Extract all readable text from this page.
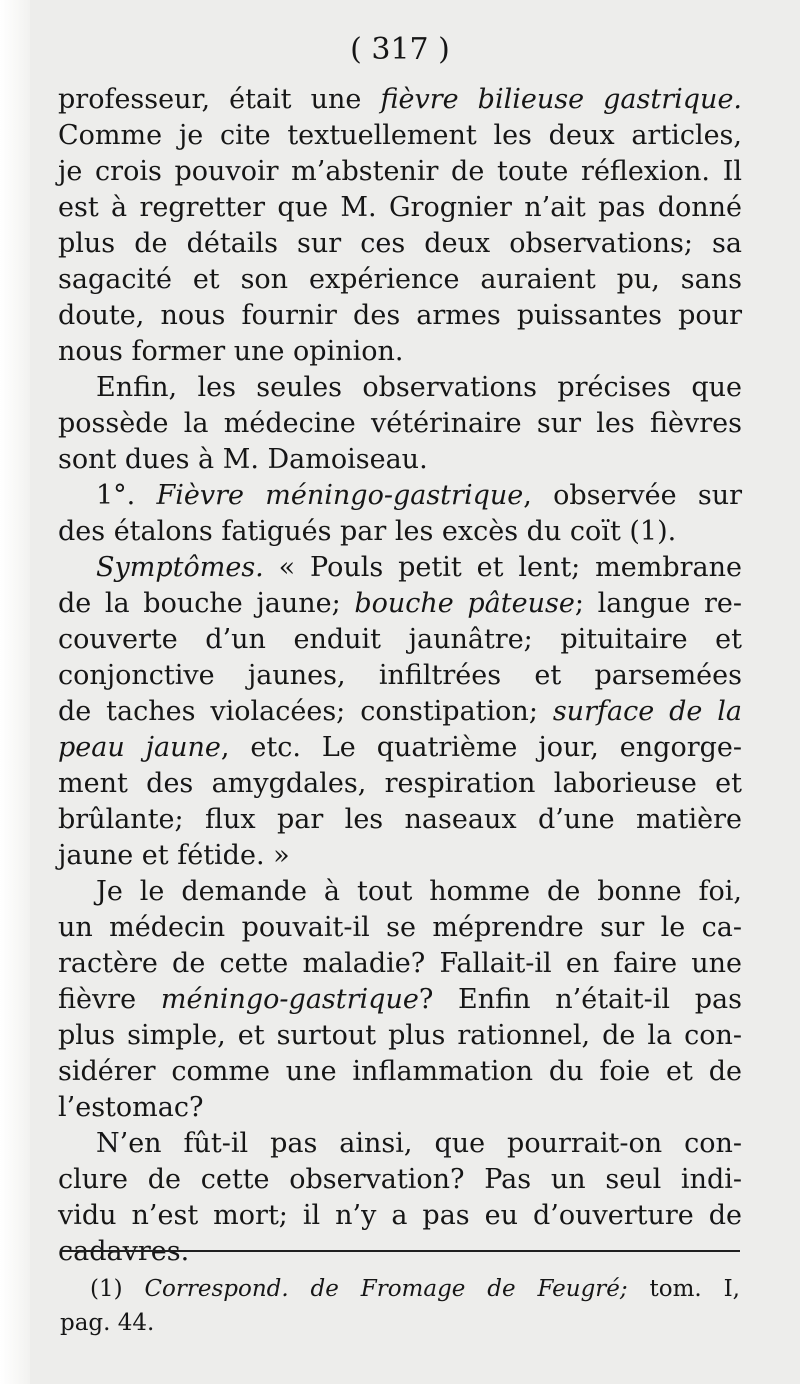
( 317 )
professeur, était une fièvre bilieuse gastrique.
Comme je cite textuellement les deux articles,
je crois pouvoir m’abstenir de toute réflexion. Il
est à regretter que M. Grognier n’ait pas donné
plus de détails sur ces deux observations; sa
sagacité et son expérience auraient pu, sans
doute, nous fournir des armes puissantes pour
nous former une opinion.
Enfin, les seules observations précises que
possède la médecine vétérinaire sur les fièvres
sont dues à M. Damoiseau.
1°. Fièvre méningo-gastrique, observée sur
des étalons fatigués par les excès du coït (1).
Symptômes. « Pouls petit et lent; membrane
de la bouche jaune; bouche pâteuse; langue re-
couverte d’un enduit jaunâtre; pituitaire et
conjonctive jaunes, infiltrées et parsemées
de taches violacées; constipation; surface de la
peau jaune, etc. Le quatrième jour, engorge-
ment des amygdales, respiration laborieuse et
brûlante; flux par les naseaux d’une matière
jaune et fétide. »
Je le demande à tout homme de bonne foi,
un médecin pouvait-il se méprendre sur le ca-
ractère de cette maladie? Fallait-il en faire une
fièvre méningo-gastrique? Enfin n’était-il pas
plus simple, et surtout plus rationnel, de la con-
sidérer comme une inflammation du foie et de
l’estomac?
N’en fût-il pas ainsi, que pourrait-on con-
clure de cette observation? Pas un seul indi-
vidu n’est mort; il n’y a pas eu d’ouverture de
cadavres.
(1) Correspond. de Fromage de Feugré; tom. I,
pag. 44.
